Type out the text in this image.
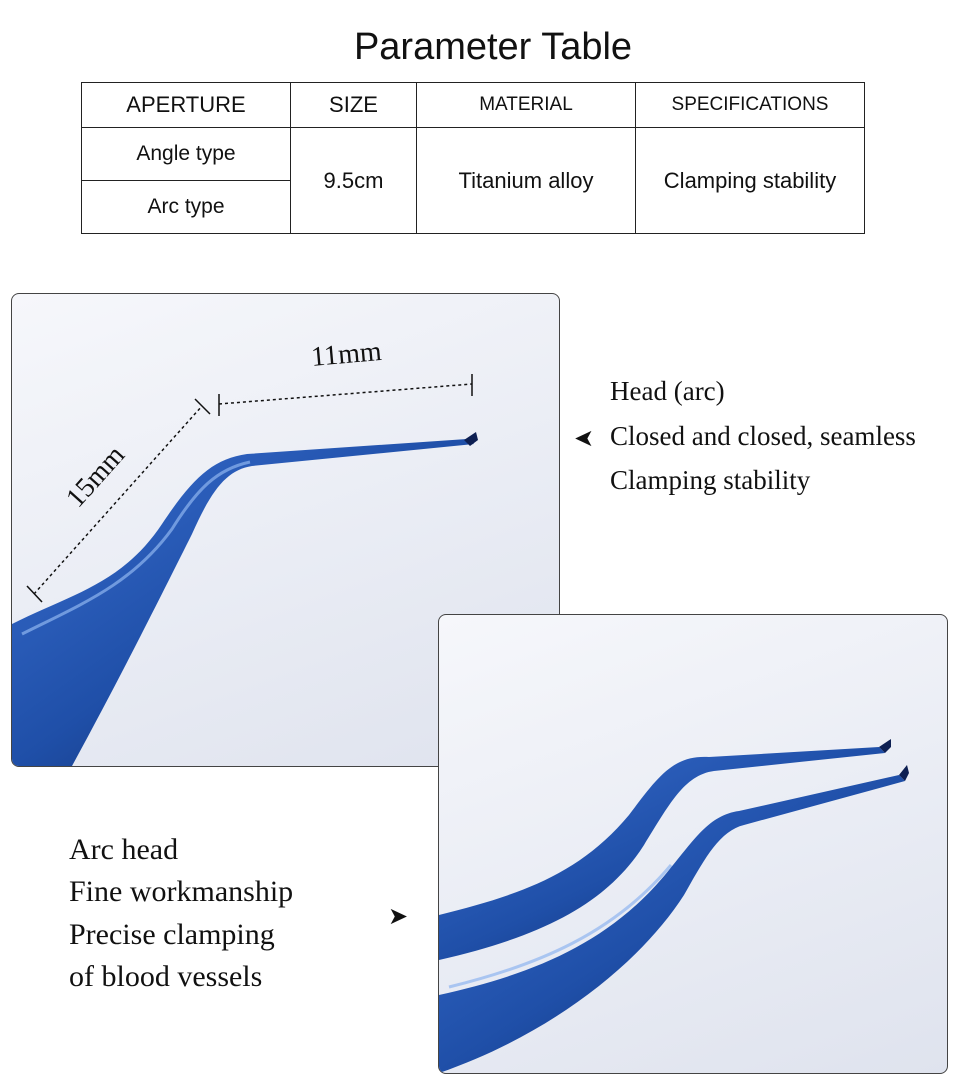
Parameter Table
APERTURE	SIZE	MATERIAL	SPECIFICATIONS
Angle type	9.5cm	Titanium alloy	Clamping stability
Arc type			
11mm
15mm
➤
Head (arc)
Closed and closed, seamless
Clamping stability
Arc head
Fine workmanship
Precise clamping
of blood vessels
➤
